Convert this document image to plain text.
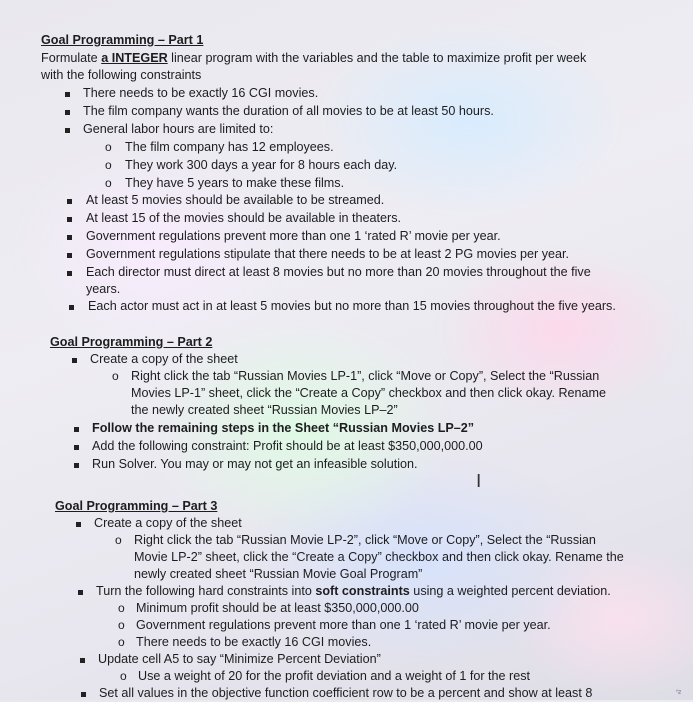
Goal Programming – Part 1
Formulate a INTEGER linear program with the variables and the table to maximize profit per week
with the following constraints
There needs to be exactly 16 CGI movies.
The film company wants the duration of all movies to be at least 50 hours.
General labor hours are limited to:
o The film company has 12 employees.
o They work 300 days a year for 8 hours each day.
o They have 5 years to make these films.
At least 5 movies should be available to be streamed.
At least 15 of the movies should be available in theaters.
Government regulations prevent more than one 1 ‘rated R’ movie per year.
Government regulations stipulate that there needs to be at least 2 PG movies per year.
Each director must direct at least 8 movies but no more than 20 movies throughout the five
years.
Each actor must act in at least 5 movies but no more than 15 movies throughout the five years.
Goal Programming – Part 2
Create a copy of the sheet
o Right click the tab “Russian Movies LP-1”, click “Move or Copy”, Select the “Russian
Movies LP-1” sheet, click the “Create a Copy” checkbox and then click okay. Rename
the newly created sheet “Russian Movies LP–2”
Follow the remaining steps in the Sheet “Russian Movies LP–2”
Add the following constraint: Profit should be at least $350,000,000.00
Run Solver. You may or may not get an infeasible solution.
I
Goal Programming – Part 3
Create a copy of the sheet
o Right click the tab “Russian Movie LP-2”, click “Move or Copy”, Select the “Russian
Movie LP-2” sheet, click the “Create a Copy” checkbox and then click okay. Rename the
newly created sheet “Russian Movie Goal Program”
Turn the following hard constraints into soft constraints using a weighted percent deviation.
o Minimum profit should be at least $350,000,000.00
o Government regulations prevent more than one 1 ‘rated R’ movie per year.
o There needs to be exactly 16 CGI movies.
Update cell A5 to say “Minimize Percent Deviation”
o Use a weight of 20 for the profit deviation and a weight of 1 for the rest
Set all values in the objective function coefficient row to be a percent and show at least 8	ʻ²
